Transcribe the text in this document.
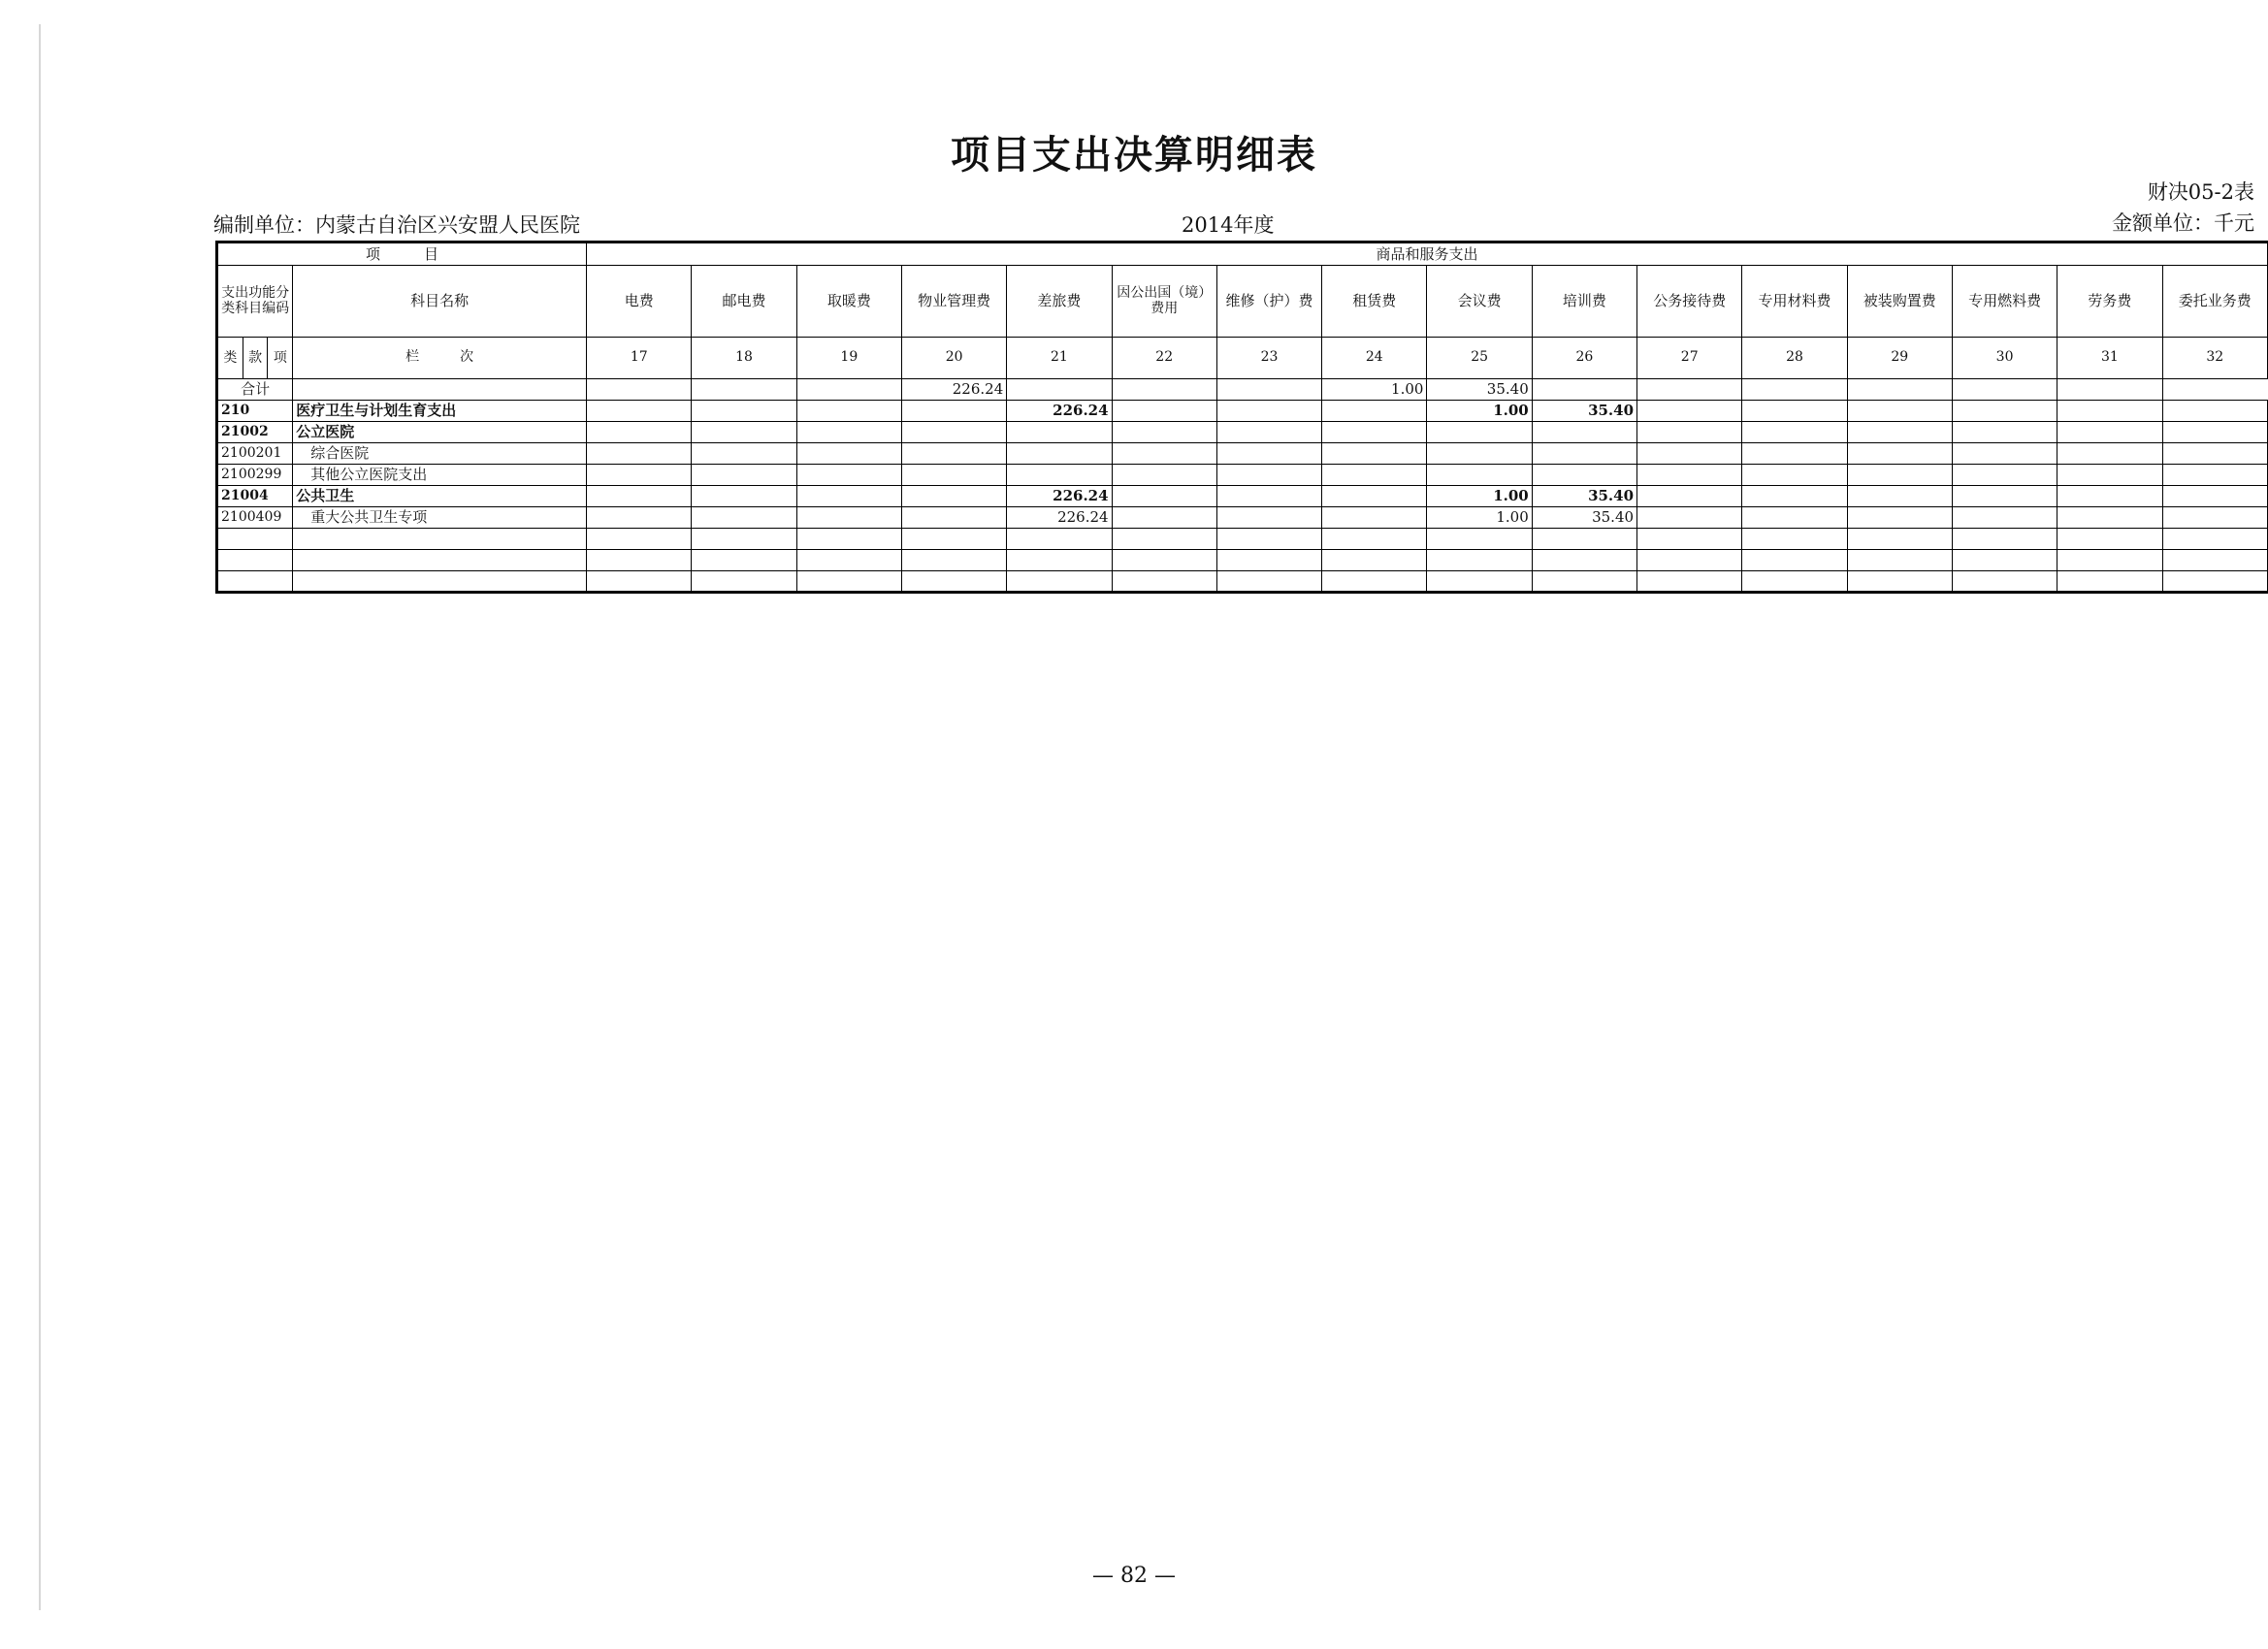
项目支出决算明细表
财决05-2表
金额单位：千元
编制单位：内蒙古自治区兴安盟人民医院	2014年度
项　　　目		商品和服务支出															
支出功能分类科目编码	科目名称	电费	邮电费	取暖费	物业管理费	差旅费	因公出国（境）费用	维修（护）费	租赁费	会议费	培训费	公务接待费	专用材料费	被装购置费	专用燃料费	劳务费	委托业务费

类 款 项	栏　　　次	17	18	19	20	21	22	23	24	25	26	27	28	29	30	31	32
合计					226.24				1.00	35.40							
210	医疗卫生与计划生育支出					226.24				1.00	35.40						
21002	公立医院																
2100201	综合医院																
2100299	其他公立医院支出																
21004	公共卫生					226.24				1.00	35.40						
2100409	重大公共卫生专项					226.24				1.00	35.40						

— 82 —
